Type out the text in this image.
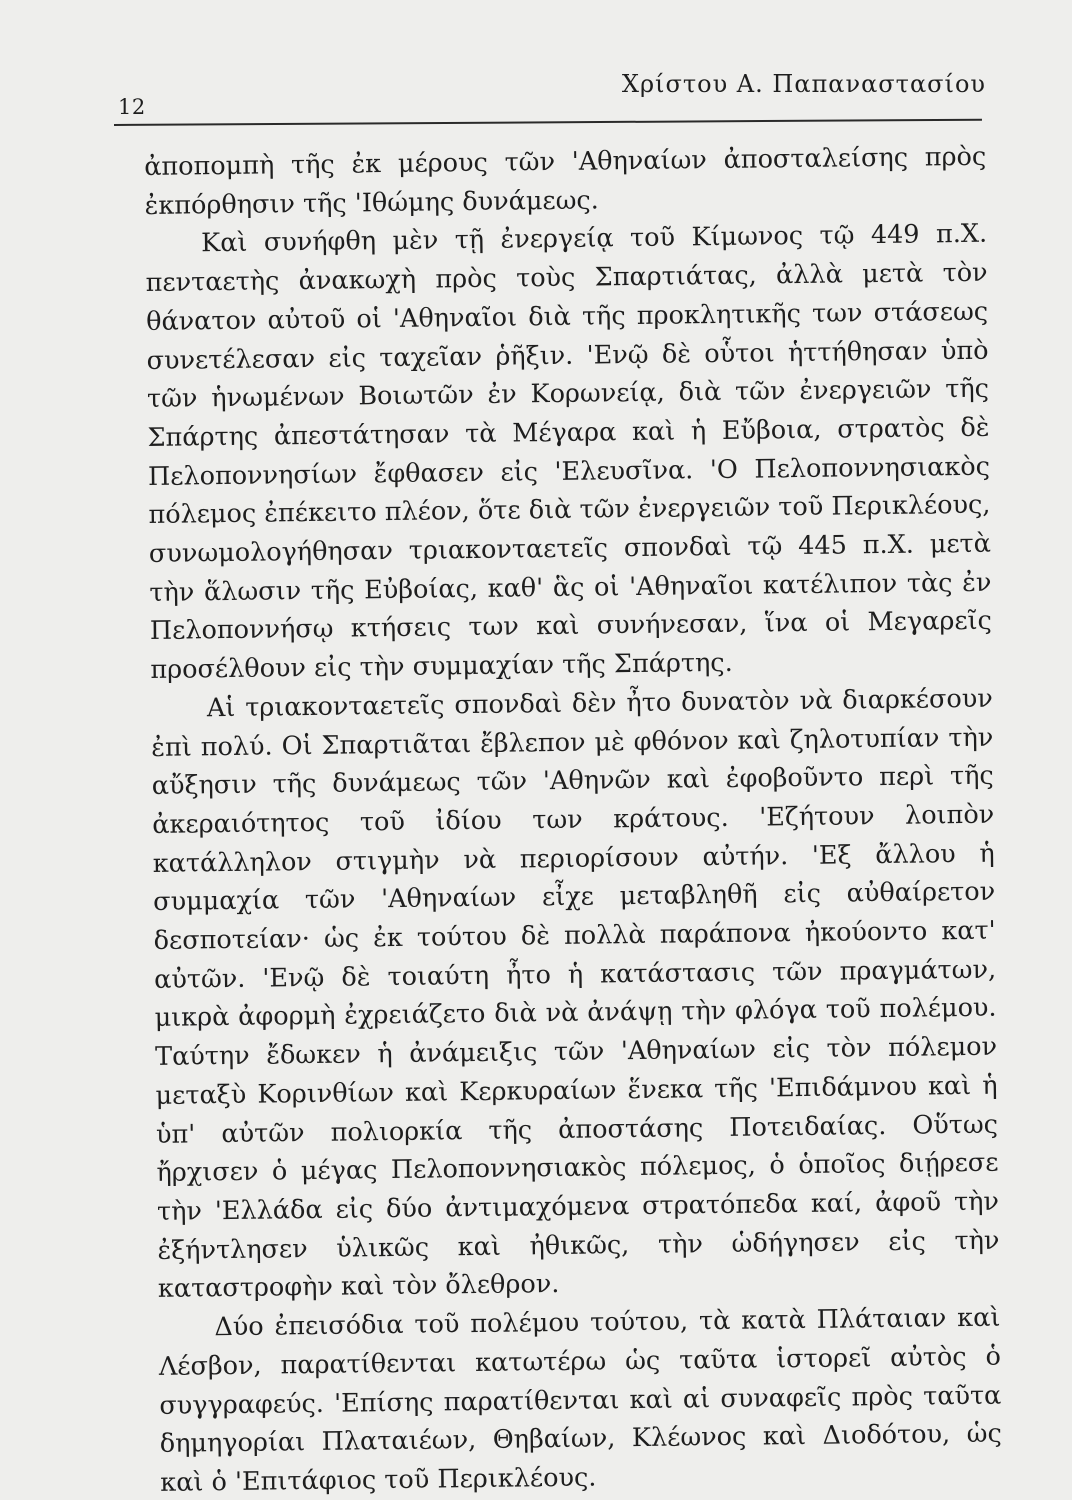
12
Χρίστου Α. Παπαναστασίου

ἀποπομπὴ τῆς ἐκ μέρους τῶν 'Αθηναίων ἀποσταλείσης πρὸς ἐκπόρθησιν τῆς 'Ιθώμης δυνάμεως.

Καὶ συνήφθη μὲν τῇ ἐνεργείᾳ τοῦ Κίμωνος τῷ 449 π.Χ. πενταετὴς ἀνακωχὴ πρὸς τοὺς Σπαρτιάτας, ἀλλὰ μετὰ τὸν θάνατον αὐτοῦ οἱ 'Αθηναῖοι διὰ τῆς προκλητικῆς των στάσεως συνετέλεσαν εἰς ταχεῖαν ῥῆξιν. 'Ενῷ δὲ οὗτοι ἡττήθησαν ὑπὸ τῶν ἡνωμένων Βοιωτῶν ἐν Κορωνείᾳ, διὰ τῶν ἐνεργειῶν τῆς Σπάρτης ἀπεστάτησαν τὰ Μέγαρα καὶ ἡ Εὔβοια, στρατὸς δὲ Πελοποννησίων ἔφθασεν εἰς 'Ελευσῖνα. 'Ο Πελοποννησιακὸς πόλεμος ἐπέκειτο πλέον, ὅτε διὰ τῶν ἐνεργειῶν τοῦ Περικλέους, συνωμολογήθησαν τριακονταετεῖς σπονδαὶ τῷ 445 π.Χ. μετὰ τὴν ἅλωσιν τῆς Εὐβοίας, καθ' ἃς οἱ 'Αθηναῖοι κατέλιπον τὰς ἐν Πελοποννήσῳ κτήσεις των καὶ συνήνεσαν, ἵνα οἱ Μεγαρεῖς προσέλθουν εἰς τὴν συμμαχίαν τῆς Σπάρτης.

Αἱ τριακονταετεῖς σπονδαὶ δὲν ἦτο δυνατὸν νὰ διαρκέσουν ἐπὶ πολύ. Οἱ Σπαρτιᾶται ἔβλεπον μὲ φθόνον καὶ ζηλοτυπίαν τὴν αὔξησιν τῆς δυνάμεως τῶν 'Αθηνῶν καὶ ἐφοβοῦντο περὶ τῆς ἀκεραιότητος τοῦ ἰδίου των κράτους. 'Εζήτουν λοιπὸν κατάλληλον στιγμὴν νὰ περιορίσουν αὐτήν. 'Εξ ἄλλου ἡ συμμαχία τῶν 'Αθηναίων εἶχε μεταβληθῆ εἰς αὐθαίρετον δεσποτείαν· ὡς ἐκ τούτου δὲ πολλὰ παράπονα ἠκούοντο κατ' αὐτῶν. 'Ενῷ δὲ τοιαύτη ἦτο ἡ κατάστασις τῶν πραγμάτων, μικρὰ ἀφορμὴ ἐχρειάζετο διὰ νὰ ἀνάψῃ τὴν φλόγα τοῦ πολέμου. Ταύτην ἔδωκεν ἡ ἀνάμειξις τῶν 'Αθηναίων εἰς τὸν πόλεμον μεταξὺ Κορινθίων καὶ Κερκυραίων ἕνεκα τῆς 'Επιδάμνου καὶ ἡ ὑπ' αὐτῶν πολιορκία τῆς ἀποστάσης Ποτειδαίας. Οὕτως ἤρχισεν ὁ μέγας Πελοποννησιακὸς πόλεμος, ὁ ὁποῖος διῄρεσε τὴν 'Ελλάδα εἰς δύο ἀντιμαχόμενα στρατόπεδα καί, ἀφοῦ τὴν ἐξήντλησεν ὑλικῶς καὶ ἠθικῶς, τὴν ὡδήγησεν εἰς τὴν καταστροφὴν καὶ τὸν ὄλεθρον.

Δύο ἐπεισόδια τοῦ πολέμου τούτου, τὰ κατὰ Πλάταιαν καὶ Λέσβον, παρατίθενται κατωτέρω ὡς ταῦτα ἱστορεῖ αὐτὸς ὁ συγγραφεύς. 'Επίσης παρατίθενται καὶ αἱ συναφεῖς πρὸς ταῦτα δημηγορίαι Πλαταιέων, Θηβαίων, Κλέωνος καὶ Διοδότου, ὡς καὶ ὁ 'Επιτάφιος τοῦ Περικλέους.
